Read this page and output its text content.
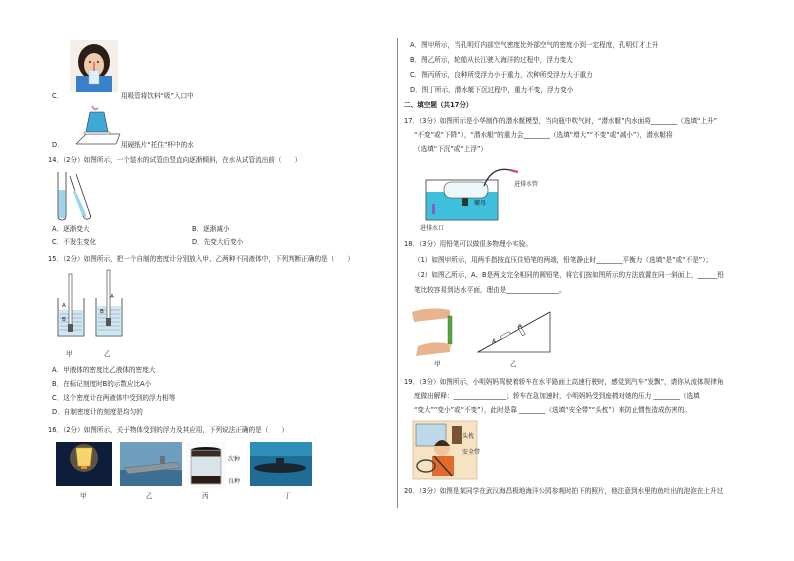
C．	用吸管将饮料“吸”入口中
D．	用硬纸片“托住”杯中的水
14．（2分）如图所示，一个装水的试管由竖直向逐渐倾斜，在水从试管流出前（　　）
A．逐渐变大	B．逐渐减小
C．不发生变化	D．先变大后变小
15．（2分）如图所示，把一个自制的密度计分别放入甲、乙两种不同液体中，下列判断正确的是（　　）
A
B
A
B
甲	乙
A．甲液体的密度比乙液体的密度大
B．在标记刻度时B的示数应比A小
C．这个密度计在两液体中受到的浮力相等
D．自制密度计的刻度是均匀的
16．（2分）如图所示，关于物体受到的浮力及其应用，下列说法正确的是（　　）
次种
良种
甲	乙	丙	丁
A．图甲所示，当孔明灯内部空气密度比外部空气的密度小到一定程度，孔明灯才上升
B．图乙所示，轮船从长江驶入海洋的过程中，浮力变大
C．图丙所示，良种所受浮力小于重力，次种所受浮力大于重力
D．图丁所示，潜水艇下沉过程中，重力不变，浮力变小
二、填空题（共17分）
17．（3分）如图所示是小华制作的潜水艇模型，当向瓶中吹气时，“潜水艇”内水面将________（选填“上升”
“不变”或“下降”），“潜水艇”的重力会________（选填“增大”“不变”或“减小”），潜水艇将
（选填“下沉”或“上浮”）
进排水管
螺母
进排水口
18．（3分）用铅笔可以做很多物理小实验。
（1）如图甲所示，用两手指按直压住铅笔的两端，铅笔静止时________平衡力（选填“是”或“不是”）；
（2）如图乙所示，A、B是两支完全相同的圆铅笔，将它们按如图所示的方法放置在同一斜面上，______铅
笔比较容易到达水平面，理由是________________。
A
B
甲	乙
19．（3分）如图所示，小明妈妈驾驶着轿车在水平路面上高速行驶时，感觉到汽车“发飘”，请你从流体规律角
度做出解释：________________；轿车在急加速时，小明妈妈受到座椅对她的压力 ________（选填
“变大”“变小”或“不变”），此时是靠 ________（选填“安全带”“头枕”）来防止惯性造成伤害的。
头枕
安全带
20．（3分）如图是某同学在武汉海昌极地海洋公园参观时拍下的照片，他注意到水里的鱼吐出的泡泡在上升过
